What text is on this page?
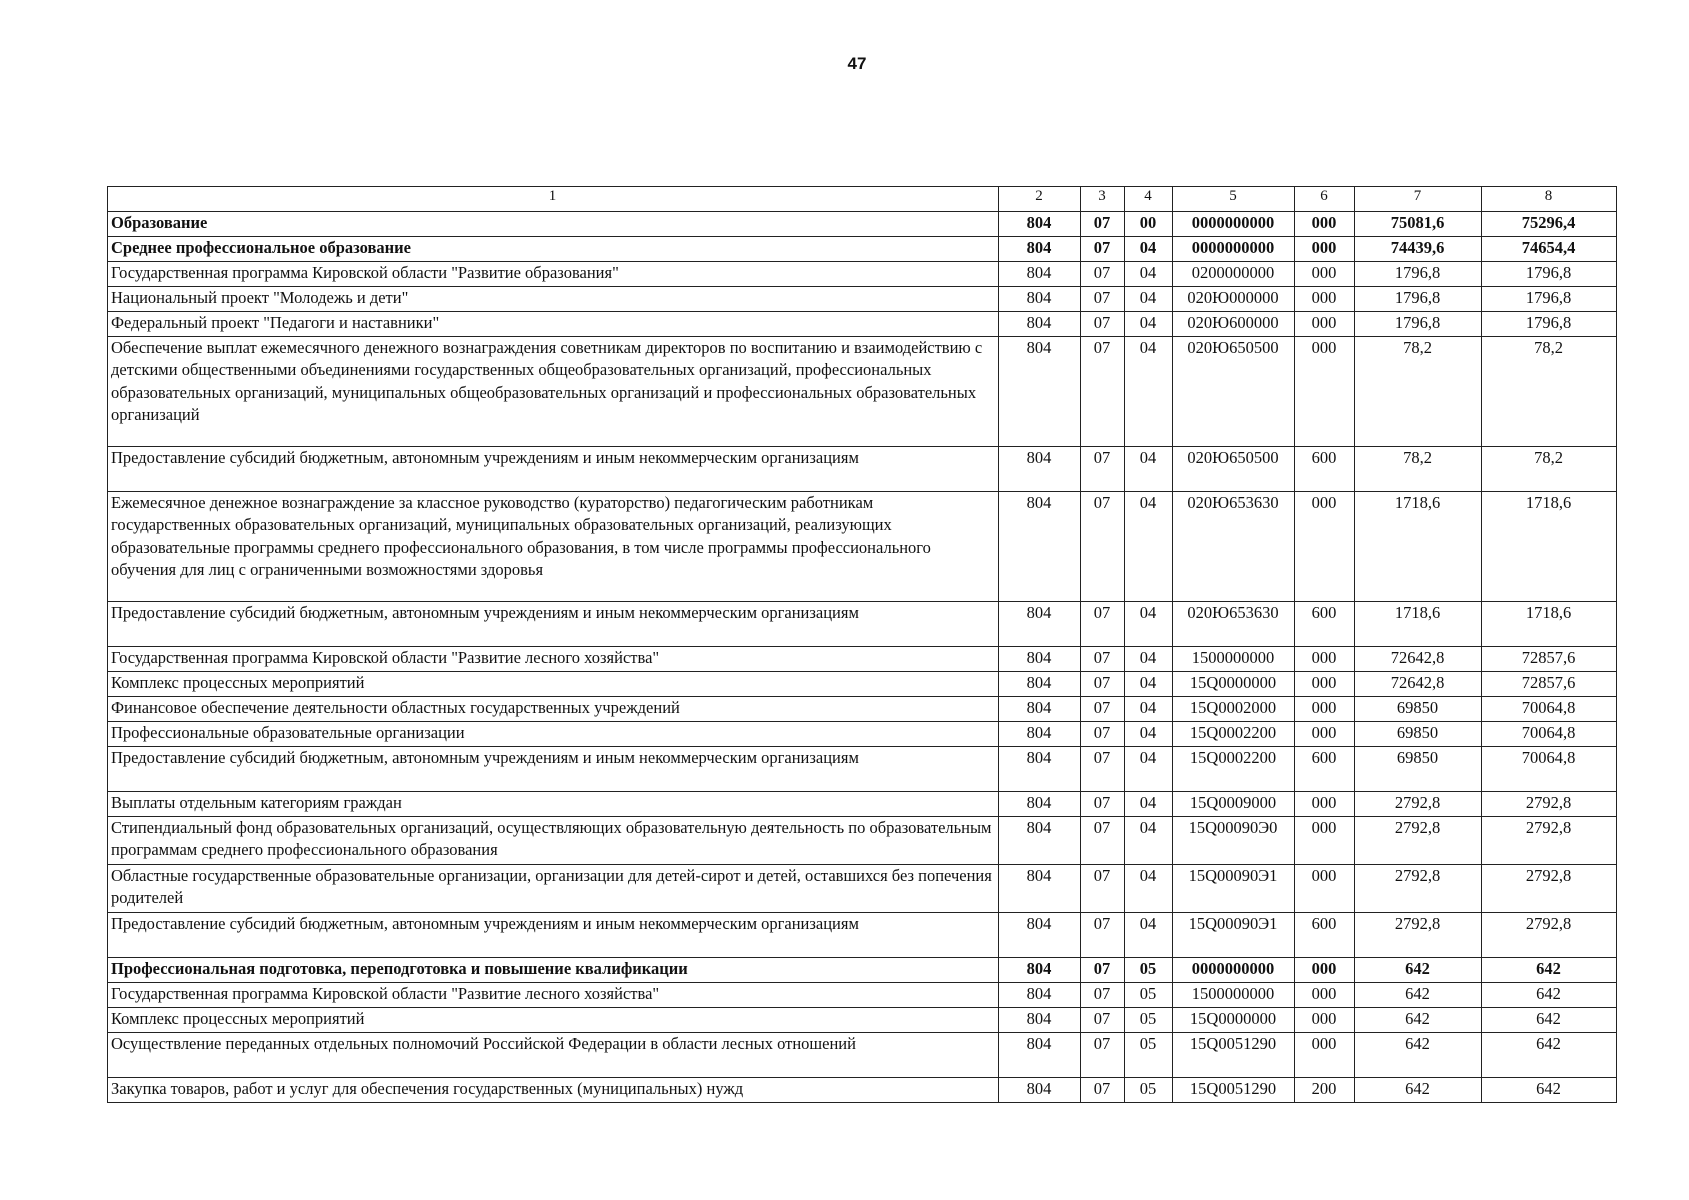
47
1	2	3	4	5	6	7	8
Образование	804	07	00	0000000000	000	75081,6	75296,4
Среднее профессиональное образование	804	07	04	0000000000	000	74439,6	74654,4
Государственная программа Кировской области "Развитие образования"	804	07	04	0200000000	000	1796,8	1796,8
Национальный проект "Молодежь и дети"	804	07	04	020Ю000000	000	1796,8	1796,8
Федеральный проект "Педагоги и наставники"	804	07	04	020Ю600000	000	1796,8	1796,8
Обеспечение выплат ежемесячного денежного вознаграждения советникам директоров по воспитанию и взаимодействию с детскими общественными объединениями государственных общеобразовательных организаций, профессиональных образовательных организаций, муниципальных общеобразовательных организаций и профессиональных образовательных организаций	804	07	04	020Ю650500	000	78,2	78,2
Предоставление субсидий бюджетным, автономным учреждениям и иным некоммерческим организациям	804	07	04	020Ю650500	600	78,2	78,2
Ежемесячное денежное вознаграждение за классное руководство (кураторство) педагогическим работникам государственных образовательных организаций, муниципальных образовательных организаций, реализующих образовательные программы среднего профессионального образования, в том числе программы профессионального обучения для лиц с ограниченными возможностями здоровья	804	07	04	020Ю653630	000	1718,6	1718,6
Предоставление субсидий бюджетным, автономным учреждениям и иным некоммерческим организациям	804	07	04	020Ю653630	600	1718,6	1718,6
Государственная программа Кировской области "Развитие лесного хозяйства"	804	07	04	1500000000	000	72642,8	72857,6
Комплекс процессных мероприятий	804	07	04	15Q0000000	000	72642,8	72857,6
Финансовое обеспечение деятельности областных государственных учреждений	804	07	04	15Q0002000	000	69850	70064,8
Профессиональные образовательные организации	804	07	04	15Q0002200	000	69850	70064,8
Предоставление субсидий бюджетным, автономным учреждениям и иным некоммерческим организациям	804	07	04	15Q0002200	600	69850	70064,8
Выплаты отдельным категориям граждан	804	07	04	15Q0009000	000	2792,8	2792,8
Стипендиальный фонд образовательных организаций, осуществляющих образовательную деятельность по образовательным программам среднего профессионального образования	804	07	04	15Q00090Э0	000	2792,8	2792,8
Областные государственные образовательные организации, организации для детей-сирот и детей, оставшихся без попечения родителей	804	07	04	15Q00090Э1	000	2792,8	2792,8
Предоставление субсидий бюджетным, автономным учреждениям и иным некоммерческим организациям	804	07	04	15Q00090Э1	600	2792,8	2792,8
Профессиональная подготовка, переподготовка и повышение квалификации	804	07	05	0000000000	000	642	642
Государственная программа Кировской области "Развитие лесного хозяйства"	804	07	05	1500000000	000	642	642
Комплекс процессных мероприятий	804	07	05	15Q0000000	000	642	642
Осуществление переданных отдельных полномочий Российской Федерации в области лесных отношений	804	07	05	15Q0051290	000	642	642
Закупка товаров, работ и услуг для обеспечения государственных (муниципальных) нужд	804	07	05	15Q0051290	200	642	642
